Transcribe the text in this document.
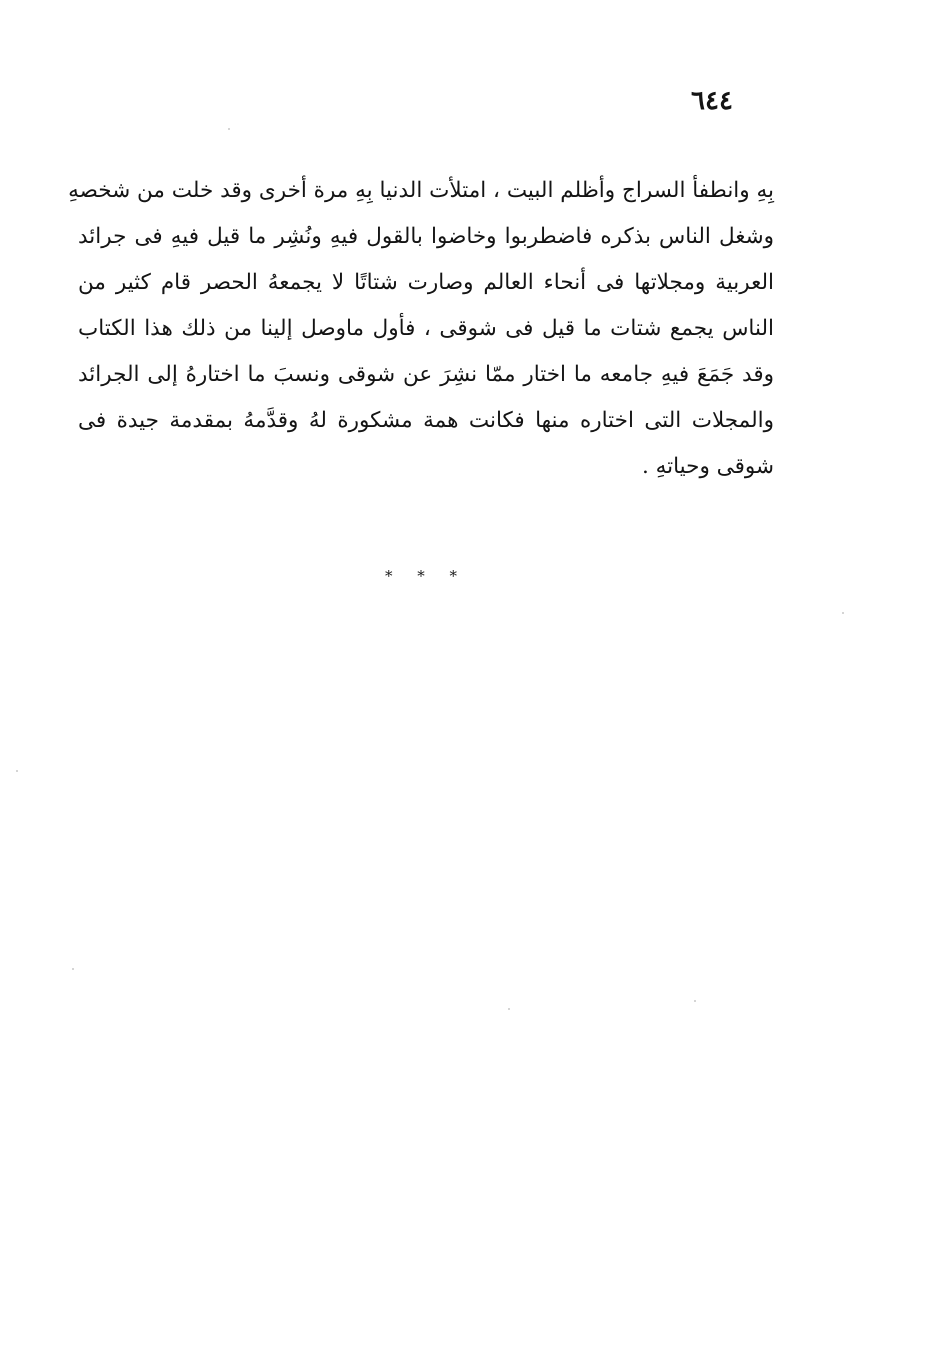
٦٤٤
بِهِ وانطفأ السراج وأظلم البيت ، امتلأت الدنيا بِهِ مرة أخرى وقد خلت من شخصهِ
وشغل الناس بذكره فاضطربوا وخاضوا بالقول فيهِ ونُشِر ما قيل فيهِ فى جرائد
العربية ومجلاتها فى أنحاء العالم وصارت شتاتًا لا يجمعهُ الحصر قام كثير من
الناس يجمع شتات ما قيل فى شوقى ، فأول ماوصل إلينا من ذلك هذا الكتاب
وقد جَمَعَ فيهِ جامعه ما اختار ممّا نشِرَ عن شوقى ونسبَ ما اختارهُ إلى الجرائد
والمجلات التى اختاره منها فكانت همة مشكورة لهُ وقدَّمهُ بمقدمة جيدة فى
شوقى وحياتهِ .
* * *
